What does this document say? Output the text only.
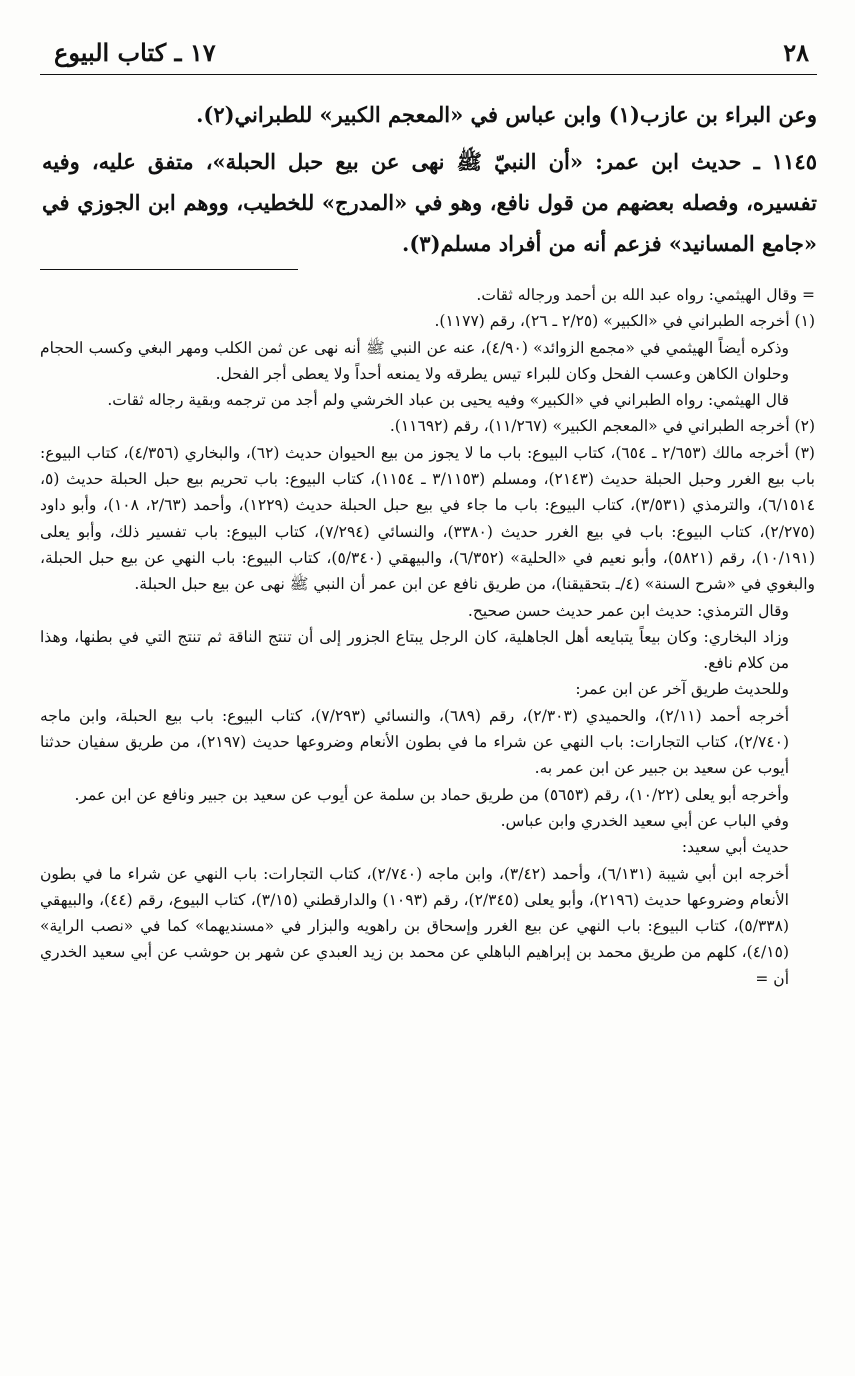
٢٨
١٧ ـ كتاب البيوع

وعن البراء بن عازب(١) وابن عباس في «المعجم الكبير» للطبراني(٢).

١١٤٥ ـ حديث ابن عمر: «أن النبيّ ﷺ نهى عن بيع حبل الحبلة»، متفق عليه، وفيه تفسيره، وفصله بعضهم من قول نافع، وهو في «المدرج» للخطيب، ووهم ابن الجوزي في «جامع المسانيد» فزعم أنه من أفراد مسلم(٣).

= وقال الهيثمي: رواه عبد الله بن أحمد ورجاله ثقات.

(١) أخرجه الطبراني في «الكبير» (٢/٢٥ ـ ٢٦)، رقم (١١٧٧).

وذكره أيضاً الهيثمي في «مجمع الزوائد» (٤/٩٠)، عنه عن النبي ﷺ أنه نهى عن ثمن الكلب ومهر البغي وكسب الحجام وحلوان الكاهن وعسب الفحل وكان للبراء تيس يطرقه ولا يمنعه أحداً ولا يعطى أجر الفحل.

قال الهيثمي: رواه الطبراني في «الكبير» وفيه يحيى بن عباد الخرشي ولم أجد من ترجمه وبقية رجاله ثقات.

(٢) أخرجه الطبراني في «المعجم الكبير» (١١/٢٦٧)، رقم (١١٦٩٢).

(٣) أخرجه مالك (٢/٦٥٣ ـ ٦٥٤)، كتاب البيوع: باب ما لا يجوز من بيع الحيوان حديث (٦٢)، والبخاري (٤/٣٥٦)، كتاب البيوع: باب بيع الغرر وحبل الحبلة حديث (٢١٤٣)، ومسلم (٣/١١٥٣ ـ ١١٥٤)، كتاب البيوع: باب تحريم بيع حبل الحبلة حديث (٥، ٦/١٥١٤)، والترمذي (٣/٥٣١)، كتاب البيوع: باب ما جاء في بيع حبل الحبلة حديث (١٢٢٩)، وأحمد (٢/٦٣، ١٠٨)، وأبو داود (٢/٢٧٥)، كتاب البيوع: باب في بيع الغرر حديث (٣٣٨٠)، والنسائي (٧/٢٩٤)، كتاب البيوع: باب تفسير ذلك، وأبو يعلى (١٠/١٩١)، رقم (٥٨٢١)، وأبو نعيم في «الحلية» (٦/٣٥٢)، والبيهقي (٥/٣٤٠)، كتاب البيوع: باب النهي عن بيع حبل الحبلة، والبغوي في «شرح السنة» (٤/ـ بتحقيقنا)، من طريق نافع عن ابن عمر أن النبي ﷺ نهى عن بيع حبل الحبلة.

وقال الترمذي: حديث ابن عمر حديث حسن صحيح.

وزاد البخاري: وكان بيعاً يتبايعه أهل الجاهلية، كان الرجل يبتاع الجزور إلى أن تنتج الناقة ثم تنتج التي في بطنها، وهذا من كلام نافع.

وللحديث طريق آخر عن ابن عمر:

أخرجه أحمد (٢/١١)، والحميدي (٢/٣٠٣)، رقم (٦٨٩)، والنسائي (٧/٢٩٣)، كتاب البيوع: باب بيع الحبلة، وابن ماجه (٢/٧٤٠)، كتاب التجارات: باب النهي عن شراء ما في بطون الأنعام وضروعها حديث (٢١٩٧)، من طريق سفيان حدثنا أيوب عن سعيد بن جبير عن ابن عمر به.

وأخرجه أبو يعلى (١٠/٢٢)، رقم (٥٦٥٣) من طريق حماد بن سلمة عن أيوب عن سعيد بن جبير ونافع عن ابن عمر.

وفي الباب عن أبي سعيد الخدري وابن عباس.

حديث أبي سعيد:

أخرجه ابن أبي شيبة (٦/١٣١)، وأحمد (٣/٤٢)، وابن ماجه (٢/٧٤٠)، كتاب التجارات: باب النهي عن شراء ما في بطون الأنعام وضروعها حديث (٢١٩٦)، وأبو يعلى (٢/٣٤٥)، رقم (١٠٩٣) والدارقطني (٣/١٥)، كتاب البيوع، رقم (٤٤)، والبيهقي (٥/٣٣٨)، كتاب البيوع: باب النهي عن بيع الغرر وإسحاق بن راهويه والبزار في «مسنديهما» كما في «نصب الراية» (٤/١٥)، كلهم من طريق محمد بن إبراهيم الباهلي عن محمد بن زيد العبدي عن شهر بن حوشب عن أبي سعيد الخدري أن =
